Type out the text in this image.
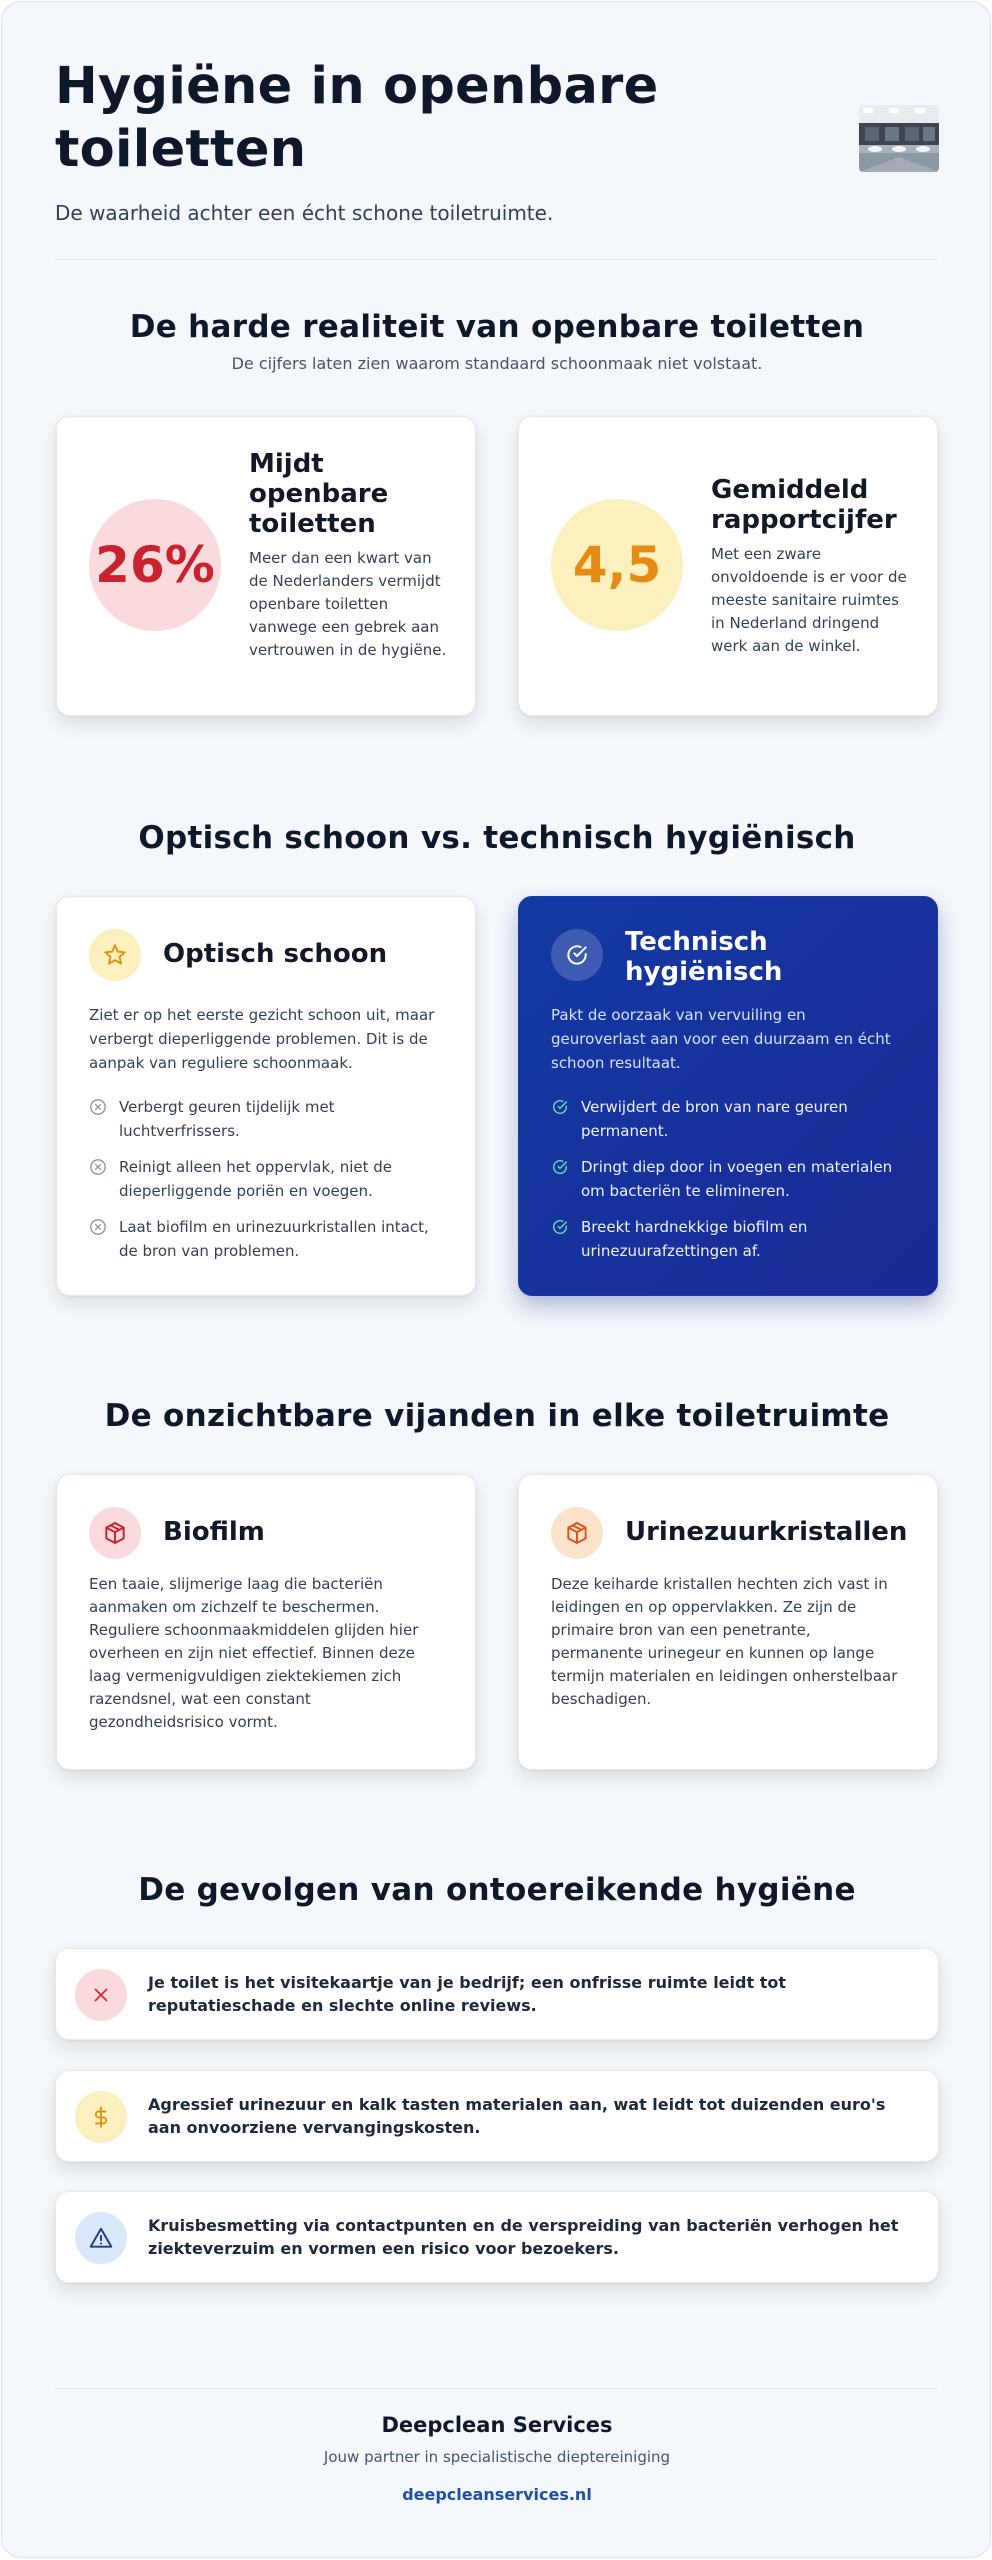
Hygiëne in openbare toiletten

De waarheid achter een écht schone toiletruimte.

De harde realiteit van openbare toiletten

De cijfers laten zien waarom standaard schoonmaak niet volstaat.

26%
Mijdt openbare toiletten
Meer dan een kwart van de Nederlanders vermijdt openbare toiletten vanwege een gebrek aan vertrouwen in de hygiëne.
4,5
Gemiddeld rapportcijfer
Met een zware onvoldoende is er voor de meeste sanitaire ruimtes in Nederland dringend werk aan de winkel.
Optisch schoon vs. technisch hygiënisch
Optisch schoon

Ziet er op het eerste gezicht schoon uit, maar verbergt dieperliggende problemen. Dit is de aanpak van reguliere schoonmaak.

Verbergt geuren tijdelijk met luchtverfrissers.
Reinigt alleen het oppervlak, niet de dieperliggende poriën en voegen.
Laat biofilm en urinezuurkristallen intact, de bron van problemen.
Technisch hygiënisch

Pakt de oorzaak van vervuiling en geuroverlast aan voor een duurzaam en écht schoon resultaat.

Verwijdert de bron van nare geuren permanent.
Dringt diep door in voegen en materialen om bacteriën te elimineren.
Breekt hardnekkige biofilm en urinezuurafzettingen af.
De onzichtbare vijanden in elke toiletruimte
Biofilm

Een taaie, slijmerige laag die bacteriën aanmaken om zichzelf te beschermen. Reguliere schoonmaakmiddelen glijden hier overheen en zijn niet effectief. Binnen deze laag vermenigvuldigen ziektekiemen zich razendsnel, wat een constant gezondheidsrisico vormt.

Urinezuurkristallen

Deze keiharde kristallen hechten zich vast in leidingen en op oppervlakken. Ze zijn de primaire bron van een penetrante, permanente urinegeur en kunnen op lange termijn materialen en leidingen onherstelbaar beschadigen.

De gevolgen van ontoereikende hygiëne

Je toilet is het visitekaartje van je bedrijf; een onfrisse ruimte leidt tot reputatieschade en slechte online reviews.

Agressief urinezuur en kalk tasten materialen aan, wat leidt tot duizenden euro's aan onvoorziene vervangingskosten.

Kruisbesmetting via contactpunten en de verspreiding van bacteriën verhogen het ziekteverzuim en vormen een risico voor bezoekers.

Deepclean Services
Jouw partner in specialistische dieptereiniging
deepcleanservices.nl
